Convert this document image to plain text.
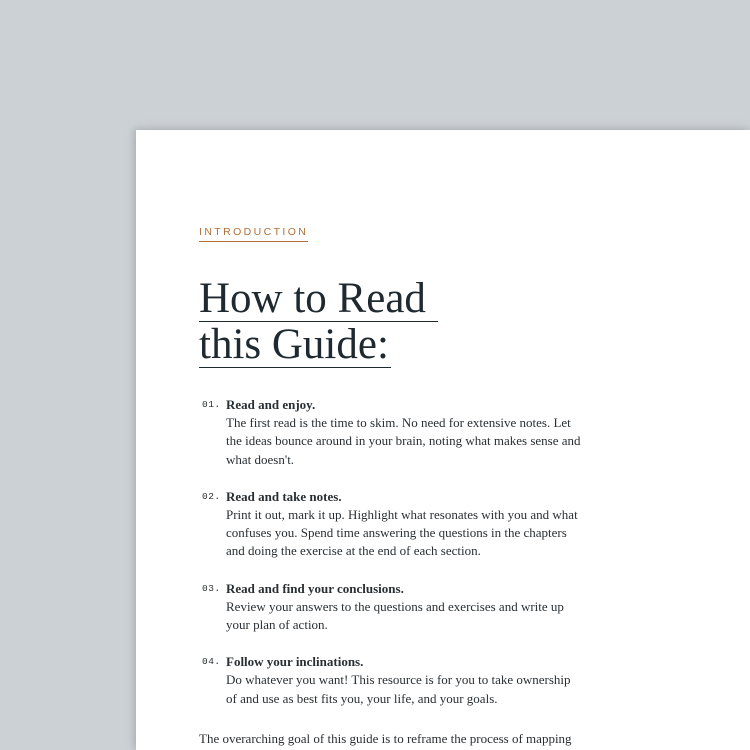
INTRODUCTION
How to Read
this Guide:
01. Read and enjoy.
The first read is the time to skim. No need for extensive notes. Let the ideas bounce around in your brain, noting what makes sense and what doesn't.
02. Read and take notes.
Print it out, mark it up. Highlight what resonates with you and what confuses you. Spend time answering the questions in the chapters and doing the exercise at the end of each section.
03. Read and find your conclusions.
Review your answers to the questions and exercises and write up your plan of action.
04. Follow your inclinations.
Do whatever you want! This resource is for you to take ownership of and use as best fits you, your life, and your goals.

The overarching goal of this guide is to reframe the process of mapping
